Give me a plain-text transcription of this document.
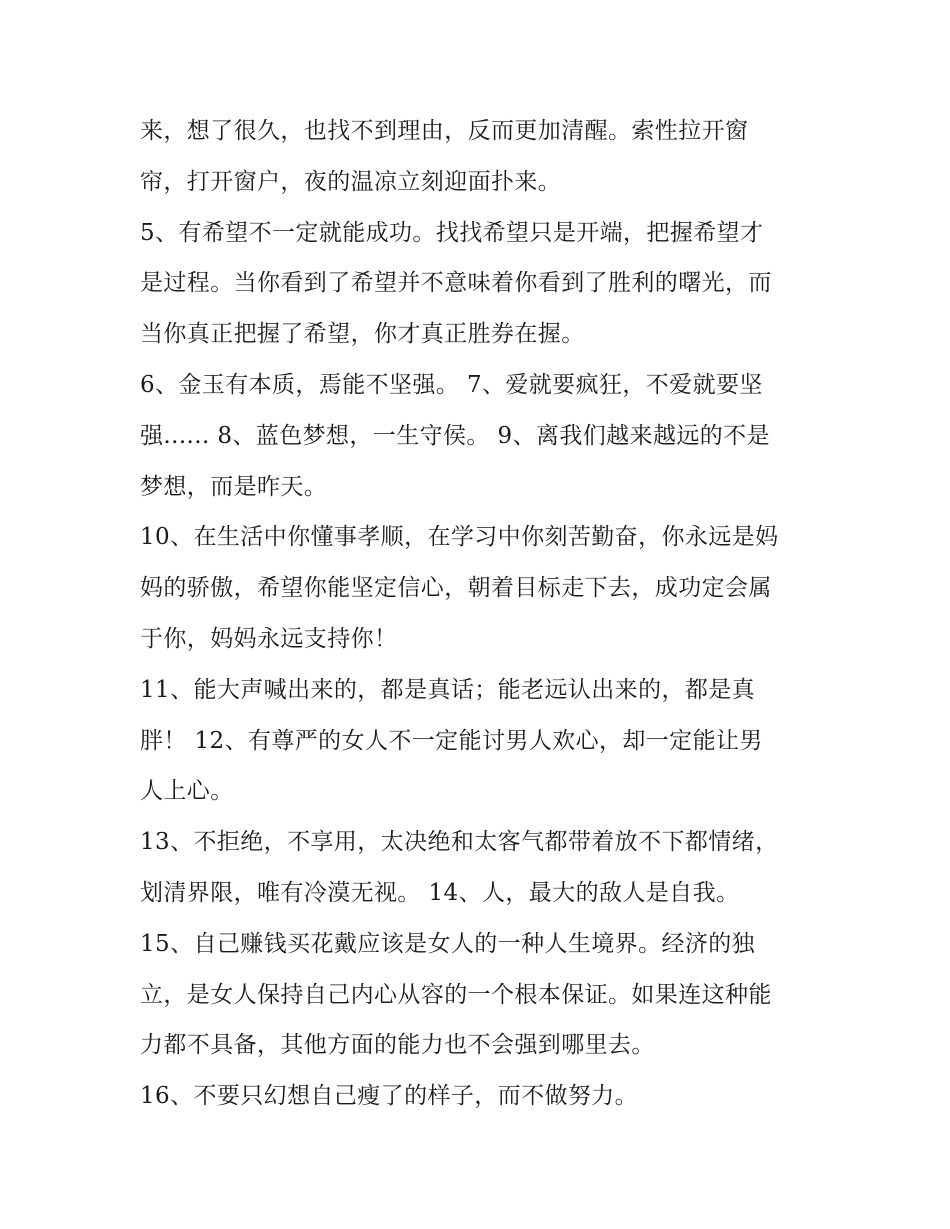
来，想了很久，也找不到理由，反而更加清醒。索性拉开窗
帘，打开窗户，夜的温凉立刻迎面扑来。
5、有希望不一定就能成功。找找希望只是开端，把握希望才
是过程。当你看到了希望并不意味着你看到了胜利的曙光，而
当你真正把握了希望，你才真正胜券在握。
6、金玉有本质，焉能不坚强。 7、爱就要疯狂，不爱就要坚
强...... 8、蓝色梦想，一生守侯。 9、离我们越来越远的不是
梦想，而是昨天。
10、在生活中你懂事孝顺，在学习中你刻苦勤奋，你永远是妈
妈的骄傲，希望你能坚定信心，朝着目标走下去，成功定会属
于你，妈妈永远支持你！
11、能大声喊出来的，都是真话；能老远认出来的，都是真
胖！ 12、有尊严的女人不一定能讨男人欢心，却一定能让男
人上心。
13、不拒绝，不享用，太决绝和太客气都带着放不下都情绪，
划清界限，唯有冷漠无视。 14、人，最大的敌人是自我。
15、自己赚钱买花戴应该是女人的一种人生境界。经济的独
立，是女人保持自己内心从容的一个根本保证。如果连这种能
力都不具备，其他方面的能力也不会强到哪里去。
16、不要只幻想自己瘦了的样子，而不做努力。
